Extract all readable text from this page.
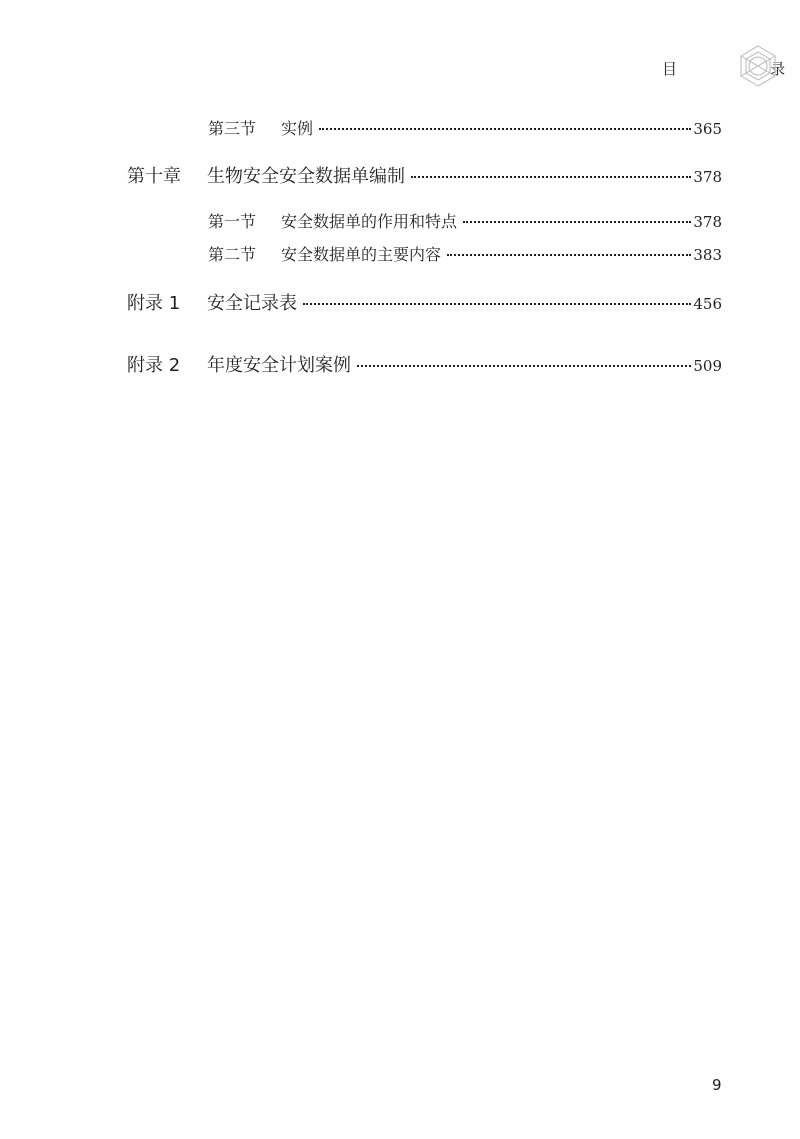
目    录
第三节	实例	365
第十章	生物安全安全数据单编制	378
第一节	安全数据单的作用和特点	378
第二节	安全数据单的主要内容	383
附录 1	安全记录表	456
附录 2	年度安全计划案例	509
9
